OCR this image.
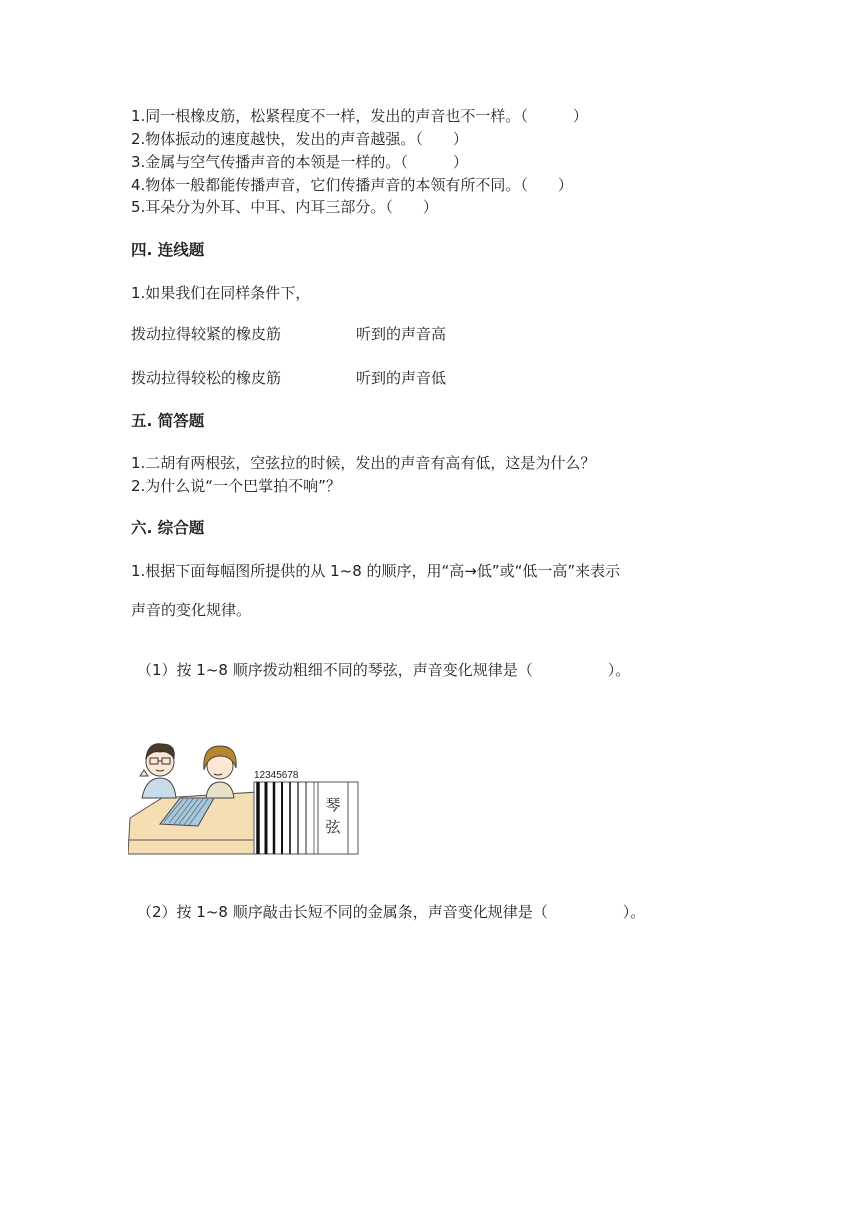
1.同一根橡皮筋，松紧程度不一样，发出的声音也不一样。（　　　）
2.物体振动的速度越快，发出的声音越强。（　　）
3.金属与空气传播声音的本领是一样的。（　　　）
4.物体一般都能传播声音，它们传播声音的本领有所不同。（　　）
5.耳朵分为外耳、中耳、内耳三部分。（　　）
四. 连线题
1.如果我们在同样条件下，
拨动拉得较紧的橡皮筋	听到的声音高
拨动拉得较松的橡皮筋	听到的声音低
五. 简答题
1.二胡有两根弦，空弦拉的时候，发出的声音有高有低，这是为什么？
2.为什么说“一个巴掌拍不响”？
六. 综合题
1.根据下面每幅图所提供的从 1~8 的顺序，用“高→低”或“低一高”来表示
声音的变化规律。
（1）按 1~8 顺序拨动粗细不同的琴弦，声音变化规律是（　　　　　）。
12345678
琴
弦
（2）按 1~8 顺序敲击长短不同的金属条，声音变化规律是（　　　　　）。
